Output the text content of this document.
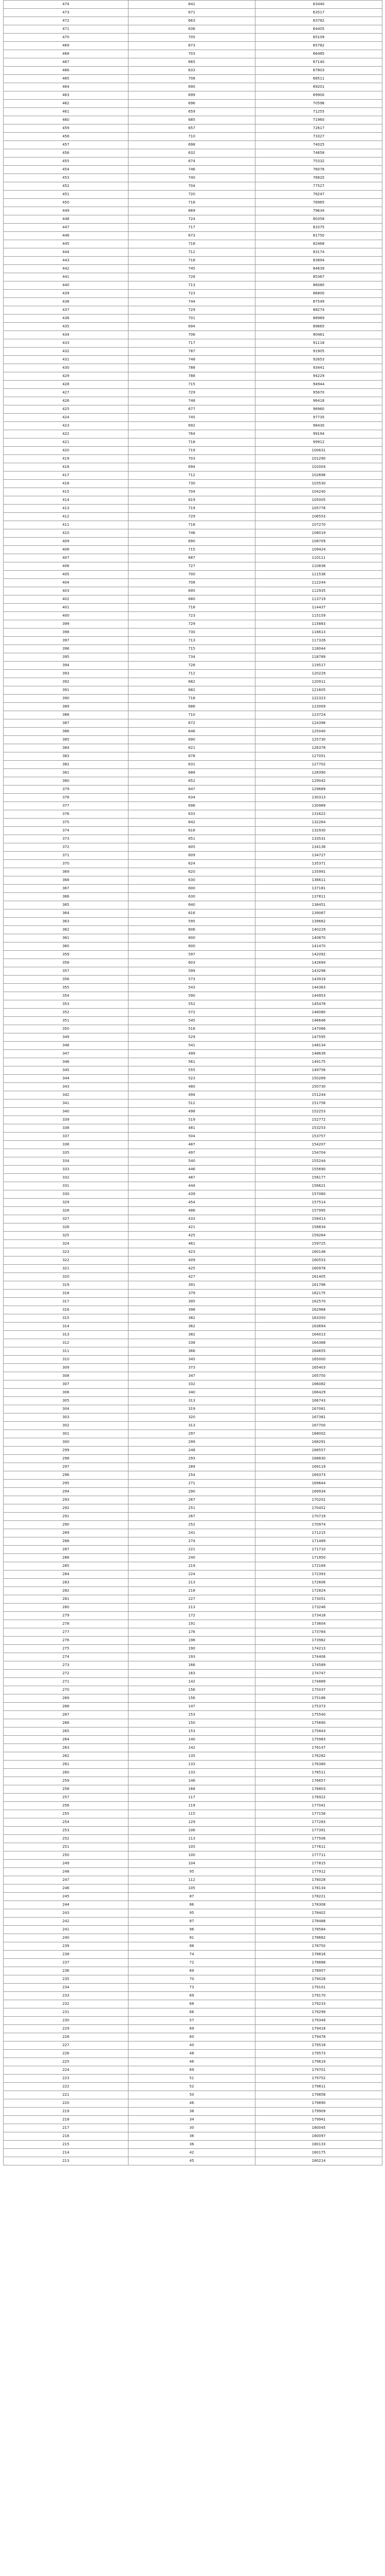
474	641	63440
473	671	63517
472	663	63782
471	636	64405
470	705	65109
469	673	65782
468	703	66485
467	665	67140
466	633	67803
465	708	68511
464	690	69201
463	699	69900
462	696	70596
461	659	71255
460	685	71960
459	657	72617
458	710	73327
457	698	74025
456	632	74658
455	674	75332
454	746	76078
453	740	76820
452	704	77527
451	720	78247
450	718	78965
449	669	79634
448	724	80358
447	717	81075
446	673	81750
445	718	82468
444	712	83174
443	718	83894
442	745	84639
441	728	85367
440	713	86080
439	723	86800
438	744	87549
437	729	88274
436	701	88969
435	694	89665
434	706	90461
433	717	91118
432	787	91905
431	748	92653
430	788	93441
429	788	94229
428	715	94944
427	729	95670
426	748	96418
425	677	96960
424	745	97735
423	692	98430
422	764	99194
421	718	99912
420	719	100631
419	703	101290
418	694	102004
417	712	102696
416	730	103530
415	704	104240
414	619	105005
413	719	105778
412	729	106553
411	718	107270
410	746	108019
409	690	108709
408	715	109424
407	687	110111
406	727	110838
405	700	111538
404	708	112244
403	695	112935
402	680	113719
401	718	114437
400	723	115159
399	729	115883
398	730	116613
397	713	117326
396	715	118044
395	734	118789
394	728	119517
393	712	120229
392	682	120911
391	682	121605
390	718	122323
389	686	123009
388	710	123724
387	672	124396
386	646	125040
385	690	125730
384	621	126378
383	678	127051
382	631	127702
381	688	128390
380	652	129042
379	647	129689
378	634	130313
377	696	130989
376	633	131622
375	642	132264
374	616	132930
373	651	133531
372	605	134136
371	609	134727
370	624	135371
369	620	135991
368	630	136611
367	600	137181
366	630	137811
365	640	138451
364	616	139067
363	595	139662
362	606	140229
361	600	140870
360	600	141470
359	597	142092
358	603	142694
357	599	143298
356	573	143919
355	543	144363
354	590	144953
353	552	145478
352	572	146080
351	545	146646
350	518	147066
349	529	147595
348	541	148134
347	499	148639
346	561	149175
345	555	149756
344	523	150269
343	480	150730
342	494	151244
341	512	151756
340	498	152253
339	519	152772
338	481	153253
337	504	153757
336	487	154207
335	497	154704
334	540	155244
333	446	155690
332	487	156177
331	444	156621
330	439	157060
329	454	157514
328	486	157995
327	433	158413
326	421	158834
325	425	159264
324	461	159725
323	423	160148
322	409	160553
321	425	160978
320	427	161405
319	391	161796
318	379	162175
317	395	162570
316	398	162968
315	382	163350
314	362	163694
313	382	164013
312	338	164368
311	366	164655
310	345	165000
309	373	165403
308	347	165750
307	332	166082
306	340	166429
305	313	166743
304	319	167061
303	320	167381
302	313	167700
301	297	168002
300	299	168291
299	248	168557
298	293	168830
297	289	169119
296	254	169373
295	271	169644
294	290	169934
293	267	170201
292	251	170452
291	267	170719
290	252	170974
289	241	171215
288	274	171489
287	221	171710
286	240	171950
285	219	172169
284	224	172393
283	213	172606
282	218	172824
281	227	173051
280	213	173246
279	172	173418
278	191	173604
277	176	173784
276	198	173982
275	190	174213
274	193	174406
273	166	174589
272	163	174747
271	142	174889
270	156	175037
269	156	175186
268	147	175373
267	153	175540
266	150	175690
265	153	175843
264	140	175983
263	142	176147
262	135	176282
261	133	176380
260	133	176511
259	146	176657
258	168	176803
257	117	176922
256	119	177041
255	115	177156
254	129	177283
253	106	177391
252	113	177506
251	105	177611
250	100	177711
249	104	177815
248	95	177912
247	112	178028
246	105	178134
245	87	178221
244	86	178308
243	95	178402
242	87	178488
241	96	178584
240	81	178662
239	88	178750
238	74	178816
237	72	178888
236	69	178957
235	70	179028
234	73	179101
233	69	179170
232	68	179233
231	66	179299
230	57	179349
229	69	179418
228	60	179478
227	40	179518
226	48	179573
225	46	179619
224	69	179701
223	51	179752
222	52	179811
221	50	179858
220	46	179890
219	38	179909
218	34	179941
217	30	180045
216	36	180097
215	36	180133
214	42	180175
213	45	180214
